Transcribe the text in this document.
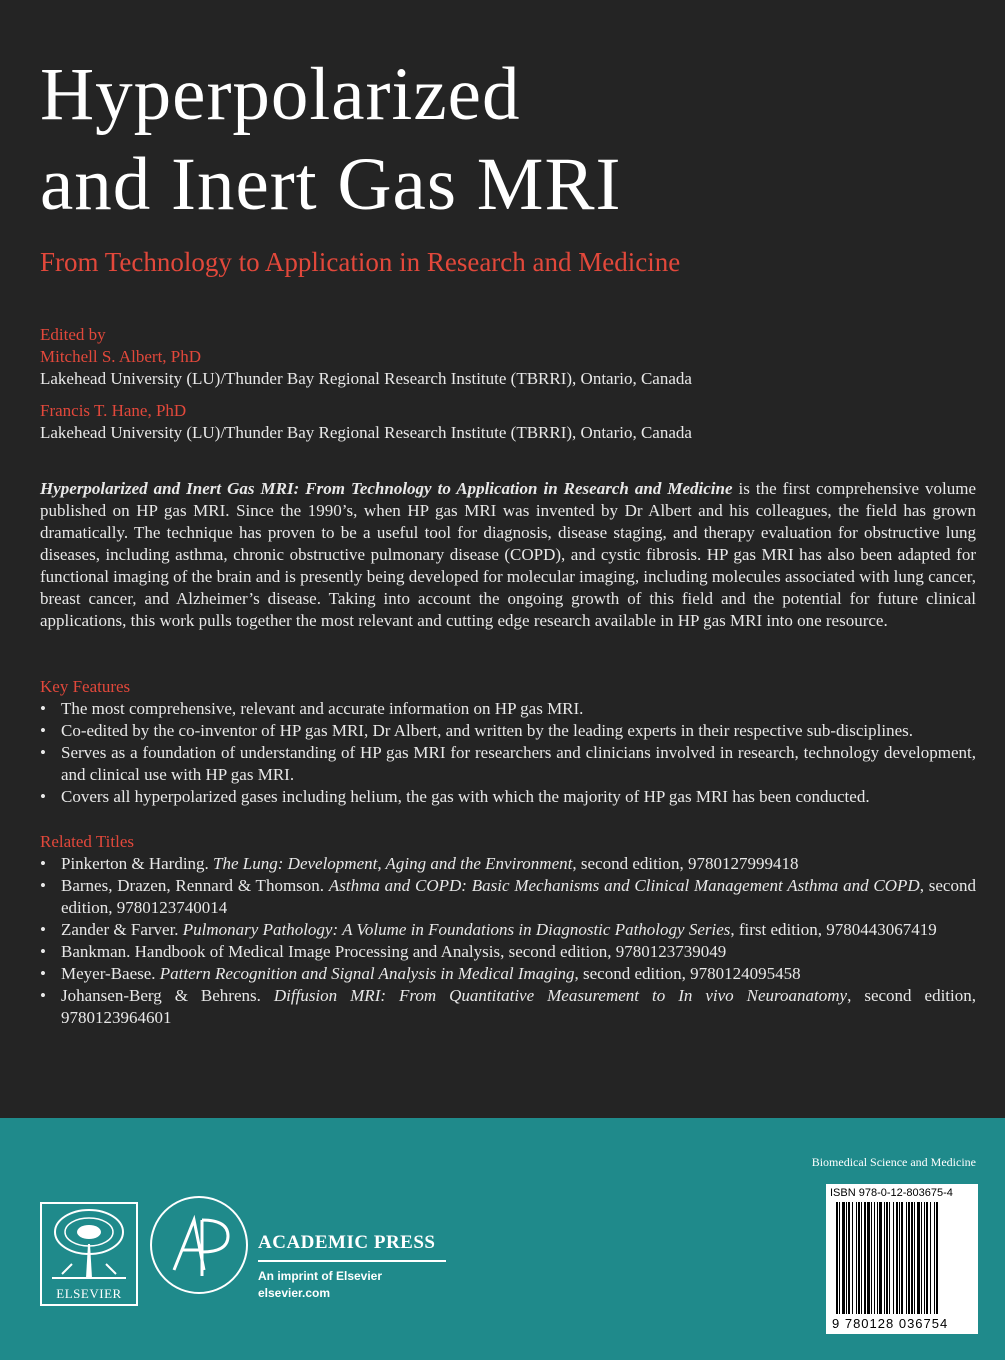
Hyperpolarized
and Inert Gas MRI
From Technology to Application in Research and Medicine
Edited by
Mitchell S. Albert, PhD
Lakehead University (LU)/Thunder Bay Regional Research Institute (TBRRI), Ontario, Canada
Francis T. Hane, PhD
Lakehead University (LU)/Thunder Bay Regional Research Institute (TBRRI), Ontario, Canada

Hyperpolarized and Inert Gas MRI: From Technology to Application in Research and Medicine is the first comprehensive volume published on HP gas MRI. Since the 1990’s, when HP gas MRI was invented by Dr Albert and his colleagues, the field has grown dramatically. The technique has proven to be a useful tool for diagnosis, disease staging, and therapy evaluation for obstructive lung diseases, including asthma, chronic obstructive pulmonary disease (COPD), and cystic fibrosis. HP gas MRI has also been adapted for functional imaging of the brain and is presently being developed for molecular imaging, including molecules associated with lung cancer, breast cancer, and Alzheimer’s disease. Taking into account the ongoing growth of this field and the potential for future clinical applications, this work pulls together the most relevant and cutting edge research available in HP gas MRI into one resource.

Key Features
• The most comprehensive, relevant and accurate information on HP gas MRI.
• Co-edited by the co-inventor of HP gas MRI, Dr Albert, and written by the leading experts in their respective sub-disciplines.
• Serves as a foundation of understanding of HP gas MRI for researchers and clinicians involved in research, technology development, and clinical use with HP gas MRI.
• Covers all hyperpolarized gases including helium, the gas with which the majority of HP gas MRI has been conducted.
Related Titles
• Pinkerton & Harding. The Lung: Development, Aging and the Environment, second edition, 9780127999418
• Barnes, Drazen, Rennard & Thomson. Asthma and COPD: Basic Mechanisms and Clinical Management Asthma and COPD, second edition, 9780123740014
• Zander & Farver. Pulmonary Pathology: A Volume in Foundations in Diagnostic Pathology Series, first edition, 9780443067419
• Bankman. Handbook of Medical Image Processing and Analysis, second edition, 9780123739049
• Meyer-Baese. Pattern Recognition and Signal Analysis in Medical Imaging, second edition, 9780124095458
• Johansen-Berg & Behrens. Diffusion MRI: From Quantitative Measurement to In vivo Neuroanatomy, second edition, 9780123964601
Biomedical Science and Medicine
ELSEVIER
ACADEMIC PRESS
An imprint of Elsevier
elsevier.com
ISBN 978-0-12-803675-4
9 780128 036754
